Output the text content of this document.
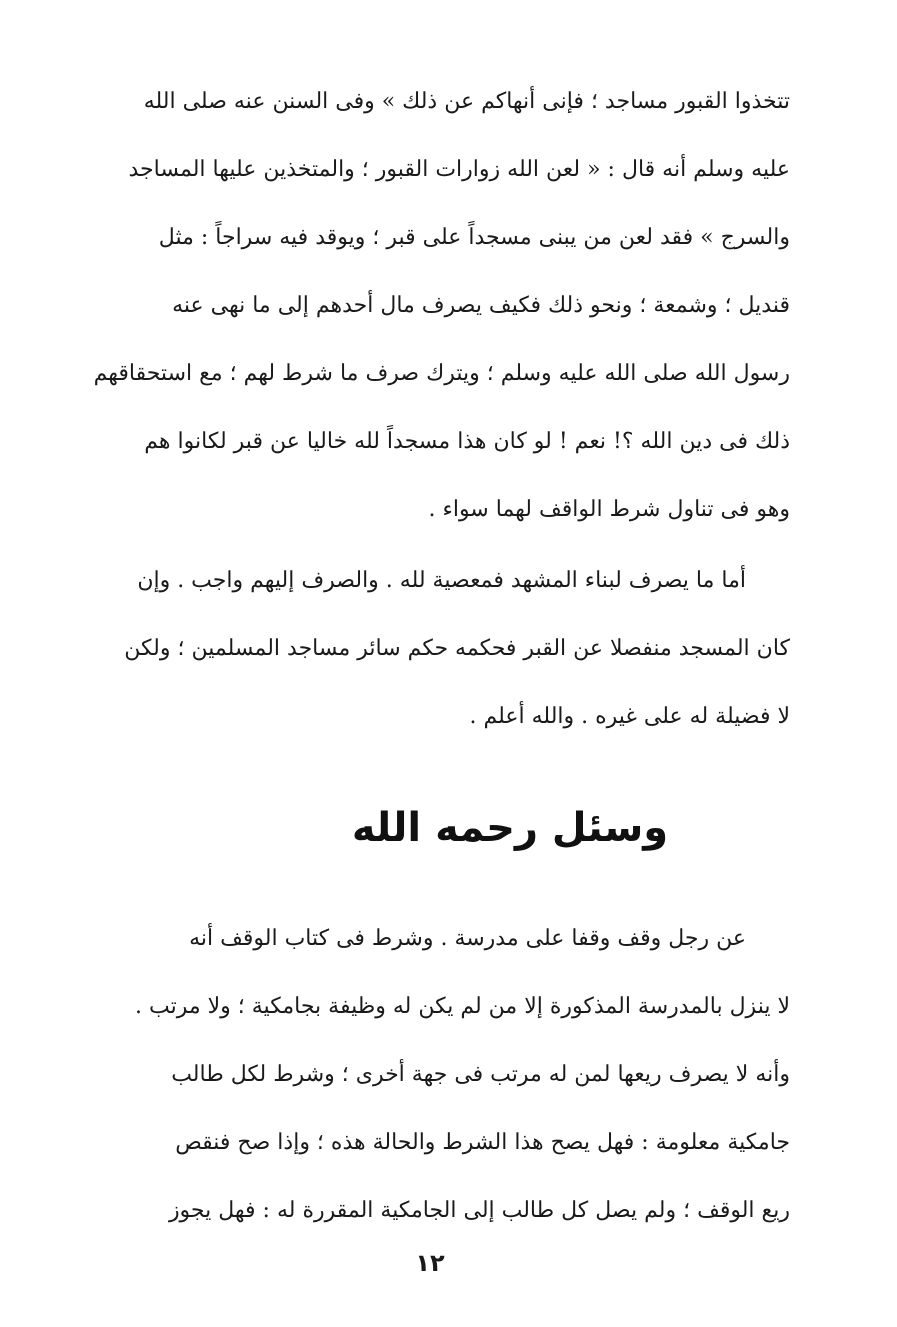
تتخذوا القبور مساجد ؛ فإنى أنهاكم عن ذلك » وفى السنن عنه صلى الله

عليه وسلم أنه قال : « لعن الله زوارات القبور ؛ والمتخذين عليها المساجد

والسرج » فقد لعن من يبنى مسجداً على قبر ؛ ويوقد فيه سراجاً : مثل

قنديل ؛ وشمعة ؛ ونحو ذلك فكيف يصرف مال أحدهم إلى ما نهى عنه

رسول الله صلى الله عليه وسلم ؛ ويترك صرف ما شرط لهم ؛ مع استحقاقهم

ذلك فى دين الله ؟! نعم ! لو كان هذا مسجداً لله خاليا عن قبر لكانوا هم

وهو فى تناول شرط الواقف لهما سواء .

أما ما يصرف لبناء المشهد فمعصية لله . والصرف إليهم واجب . وإن

كان المسجد منفصلا عن القبر فحكمه حكم سائر مساجد المسلمين ؛ ولكن

لا فضيلة له على غيره . والله أعلم .

وسئل رحمه الله

عن رجل وقف وقفا على مدرسة . وشرط فى كتاب الوقف أنه

لا ينزل بالمدرسة المذكورة إلا من لم يكن له وظيفة بجامكية ؛ ولا مرتب .

وأنه لا يصرف ريعها لمن له مرتب فى جهة أخرى ؛ وشرط لكل طالب

جامكية معلومة : فهل يصح هذا الشرط والحالة هذه ؛ وإذا صح فنقص

ريع الوقف ؛ ولم يصل كل طالب إلى الجامكية المقررة له : فهل يجوز

١٢
